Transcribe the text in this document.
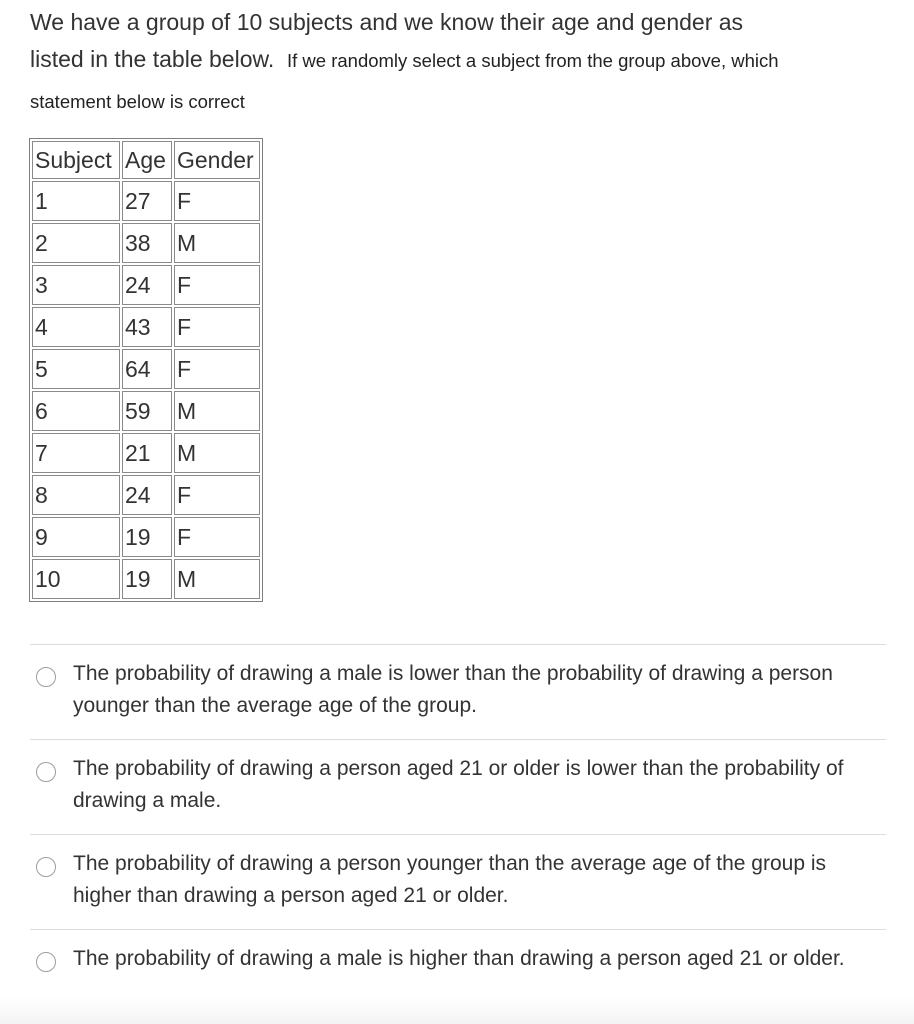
We have a group of 10 subjects and we know their age and gender as
listed in the table below. If we randomly select a subject from the group above, which
statement below is correct
Subject	Age	Gender
1	27	F
2	38	M
3	24	F
4	43	F
5	64	F
6	59	M
7	21	M
8	24	F
9	19	F
10	19	M
The probability of drawing a male is lower than the probability of drawing a person younger than the average age of the group.
The probability of drawing a person aged 21 or older is lower than the probability of drawing a male.
The probability of drawing a person younger than the average age of the group is higher than drawing a person aged 21 or older.
The probability of drawing a male is higher than drawing a person aged 21 or older.
